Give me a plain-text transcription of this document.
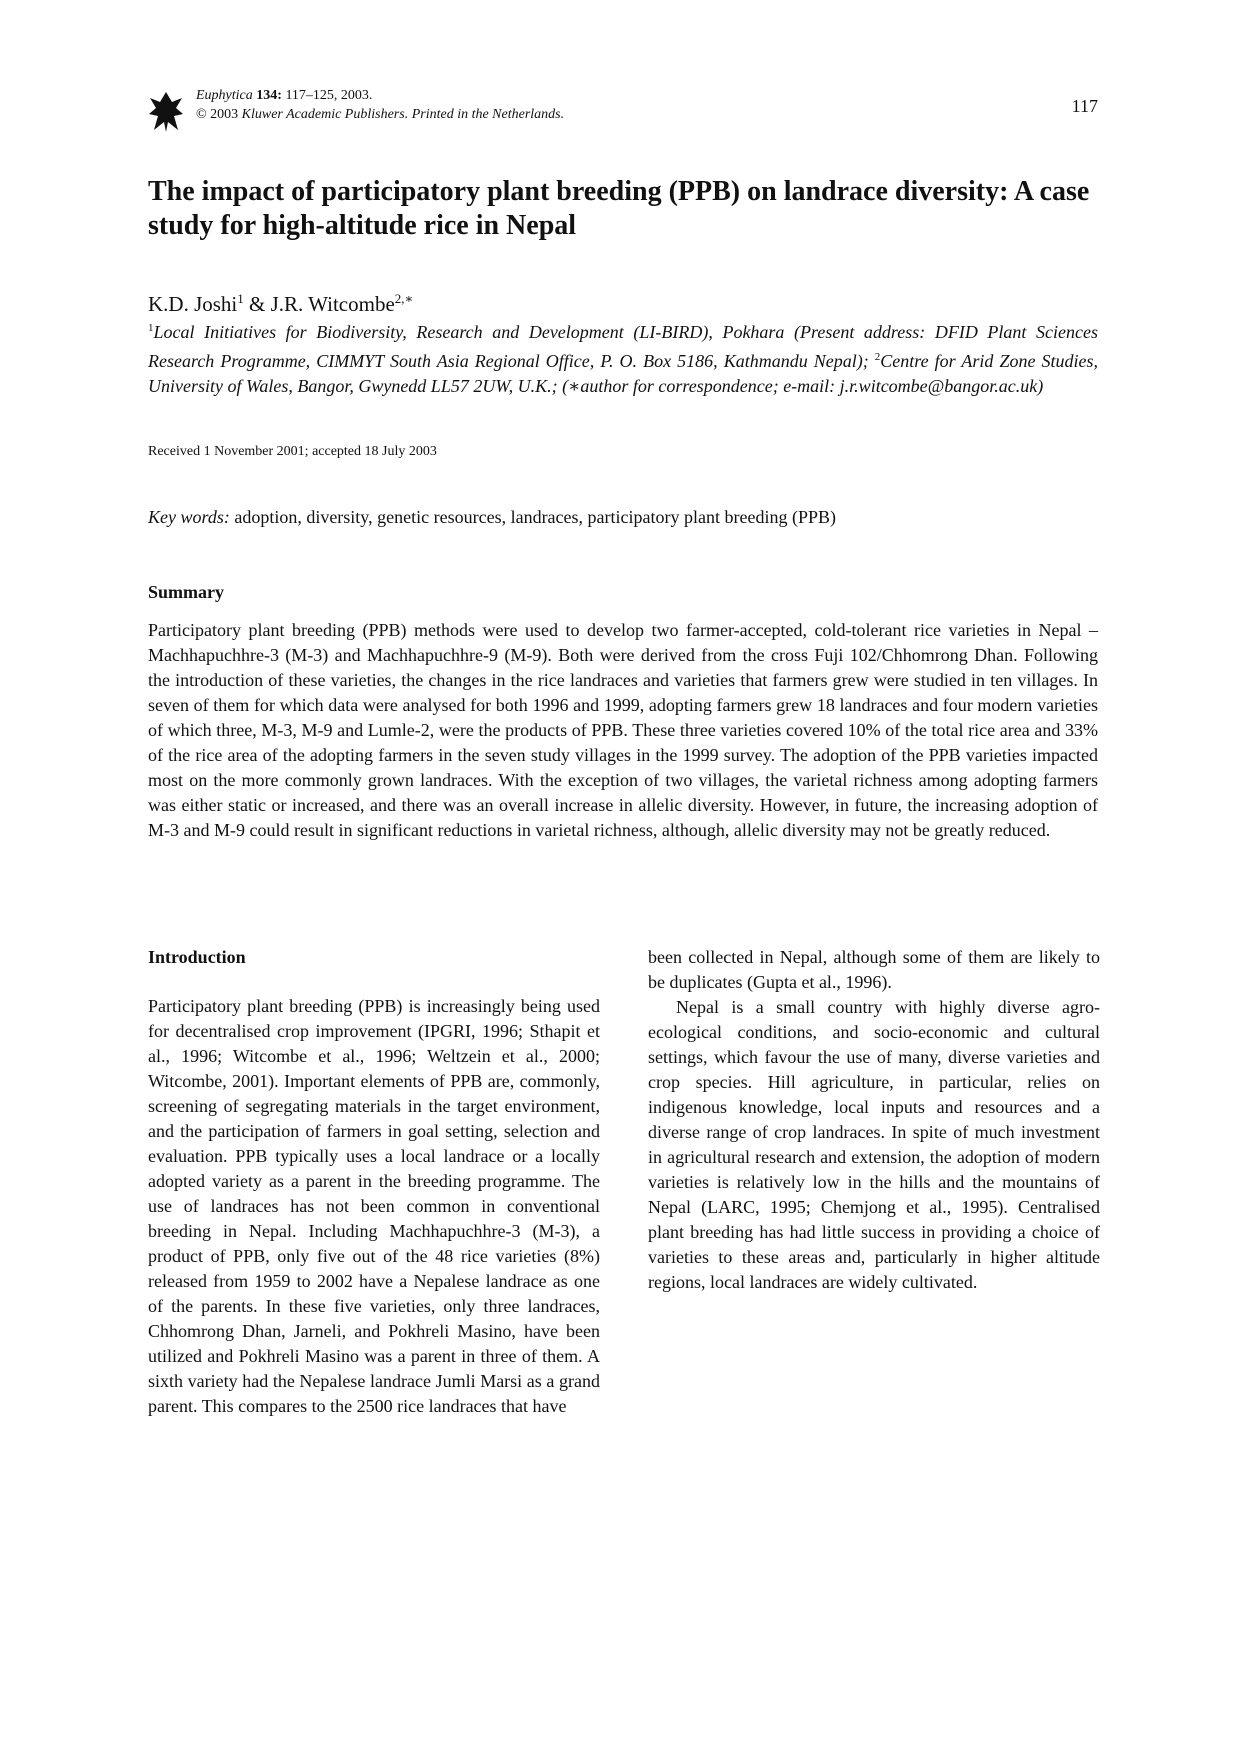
Euphytica 134: 117–125, 2003.
© 2003 Kluwer Academic Publishers. Printed in the Netherlands.	117
The impact of participatory plant breeding (PPB) on landrace diversity: A case study for high-altitude rice in Nepal
K.D. Joshi$^1$ & J.R. Witcombe$^{2,∗}$

$^1$Local Initiatives for Biodiversity, Research and Development (LI-BIRD), Pokhara (Present address: DFID Plant Sciences Research Programme, CIMMYT South Asia Regional Office, P. O. Box 5186, Kathmandu Nepal); $^2$Centre for Arid Zone Studies, University of Wales, Bangor, Gwynedd LL57 2UW, U.K.; (∗author for correspondence; e-mail: j.r.witcombe@bangor.ac.uk)

Received 1 November 2001; accepted 18 July 2003
Key words: adoption, diversity, genetic resources, landraces, participatory plant breeding (PPB)
Summary

Participatory plant breeding (PPB) methods were used to develop two farmer-accepted, cold-tolerant rice varieties in Nepal – Machhapuchhre-3 (M-3) and Machhapuchhre-9 (M-9). Both were derived from the cross Fuji 102/Chhomrong Dhan. Following the introduction of these varieties, the changes in the rice landraces and varieties that farmers grew were studied in ten villages. In seven of them for which data were analysed for both 1996 and 1999, adopting farmers grew 18 landraces and four modern varieties of which three, M-3, M-9 and Lumle-2, were the products of PPB. These three varieties covered 10% of the total rice area and 33% of the rice area of the adopting farmers in the seven study villages in the 1999 survey. The adoption of the PPB varieties impacted most on the more commonly grown landraces. With the exception of two villages, the varietal richness among adopting farmers was either static or increased, and there was an overall increase in allelic diversity. However, in future, the increasing adoption of M-3 and M-9 could result in significant reductions in varietal richness, although, allelic diversity may not be greatly reduced.

Introduction

Participatory plant breeding (PPB) is increasingly being used for decentralised crop improvement (IPGRI, 1996; Sthapit et al., 1996; Witcombe et al., 1996; Weltzein et al., 2000; Witcombe, 2001). Important elements of PPB are, commonly, screening of segregating materials in the target environment, and the participation of farmers in goal setting, selection and evaluation. PPB typically uses a local landrace or a locally adopted variety as a parent in the breeding programme. The use of landraces has not been common in conventional breeding in Nepal. Including Machhapuchhre-3 (M-3), a product of PPB, only five out of the 48 rice varieties (8%) released from 1959 to 2002 have a Nepalese landrace as one of the parents. In these five varieties, only three landraces, Chhomrong Dhan, Jarneli, and Pokhreli Masino, have been utilized and Pokhreli Masino was a parent in three of them. A sixth variety had the Nepalese landrace Jumli Marsi as a grand parent. This compares to the 2500 rice landraces that have

been collected in Nepal, although some of them are likely to be duplicates (Gupta et al., 1996).

Nepal is a small country with highly diverse agro-ecological conditions, and socio-economic and cultural settings, which favour the use of many, diverse varieties and crop species. Hill agriculture, in particular, relies on indigenous knowledge, local inputs and resources and a diverse range of crop landraces. In spite of much investment in agricultural research and extension, the adoption of modern varieties is relatively low in the hills and the mountains of Nepal (LARC, 1995; Chemjong et al., 1995). Centralised plant breeding has had little success in providing a choice of varieties to these areas and, particularly in higher altitude regions, local landraces are widely cultivated.
